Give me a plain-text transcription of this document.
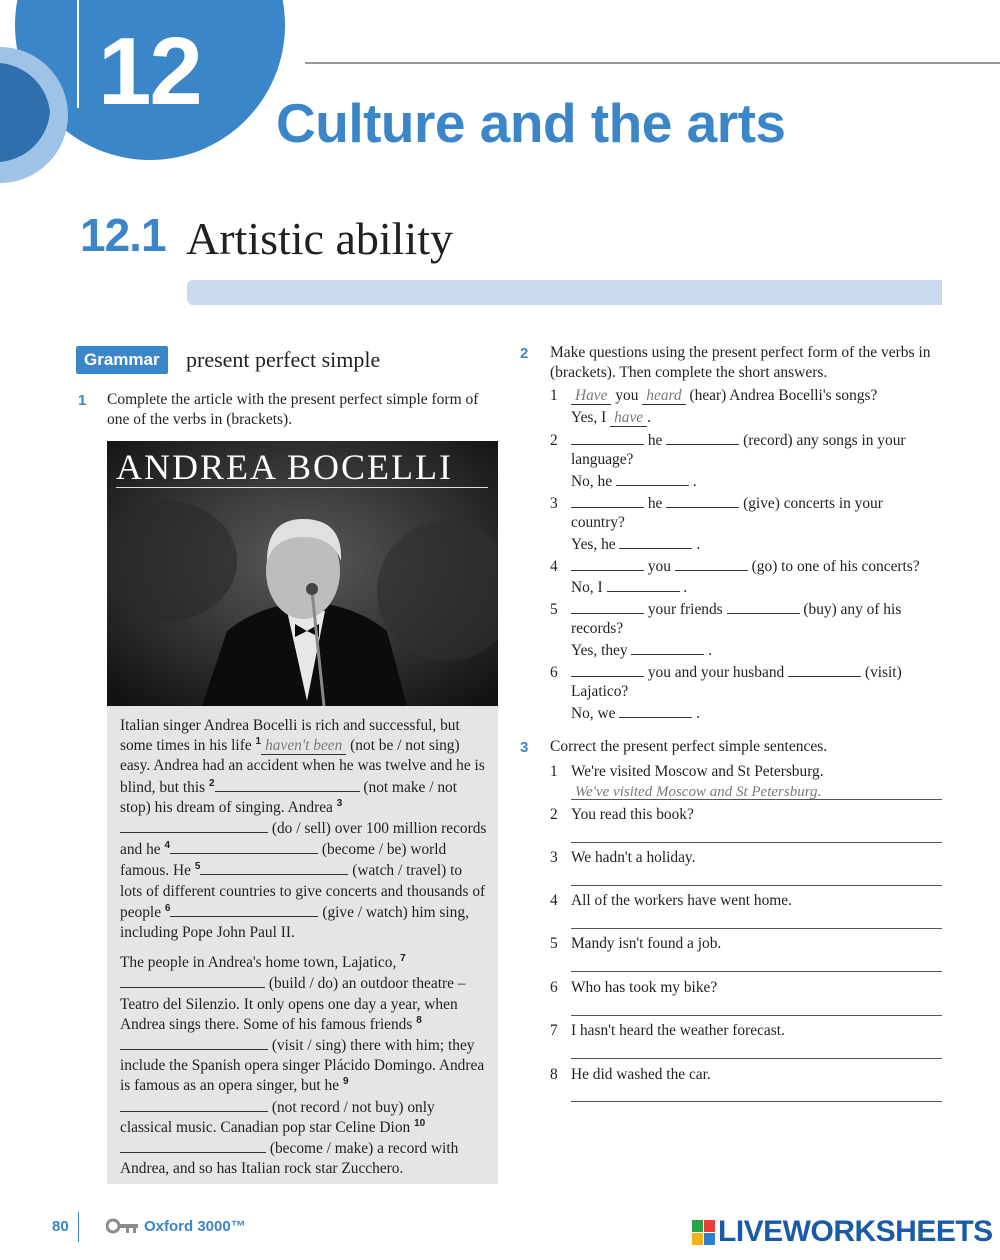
12 Culture and the arts
12.1 Artistic ability
Grammar	present perfect simple
1 Complete the article with the present perfect simple form of one of the verbs in (brackets).
ANDREA BOCELLI

Italian singer Andrea Bocelli is rich and successful, but some times in his life $^1$ haven't been (not be / not sing) easy. Andrea had an accident when he was twelve and he is blind, but this $^2$	(not make / not stop) his dream of singing. Andrea $^3$ (do / sell) over 100 million records and he $^4$	(become / be) world famous. He $^5$	(watch / travel) to lots of different countries to give concerts and thousands of people $^6$	(give / watch) him sing, including Pope John Paul II.

The people in Andrea's home town, Lajatico, $^7$ (build / do) an outdoor theatre – Teatro del Silenzio. It only opens one day a year, when Andrea sings there. Some of his famous friends $^8$ (visit / sing) there with him; they include the Spanish opera singer Plácido Domingo. Andrea is famous as an opera singer, but he $^9$ (not record / not buy) only classical music. Canadian pop star Celine Dion $^{10}$ (become / make) a record with Andrea, and so has Italian rock star Zucchero.

2 Make questions using the present perfect form of the verbs in (brackets). Then complete the short answers.
1 Have you heard (hear) Andrea Bocelli's songs?
Yes, I have .
2	he	(record) any songs in your
language?
No, he	.
3	he	(give) concerts in your
country?
Yes, he	.
4	you	(go) to one of his concerts?
No, I	.
5	your friends	(buy) any of his
records?
Yes, they	.
6	you and your husband	(visit)
Lajatico?
No, we	.
3 Correct the present perfect simple sentences.
1 We're visited Moscow and St Petersburg.
We've visited Moscow and St Petersburg.
2 You read this book?
3 We hadn't a holiday.
4 All of the workers have went home.
5 Mandy isn't found a job.
6 Who has took my bike?
7 I hasn't heard the weather forecast.
8 He did washed the car.
80	Oxford 3000™	LIVEWORKSHEETS
